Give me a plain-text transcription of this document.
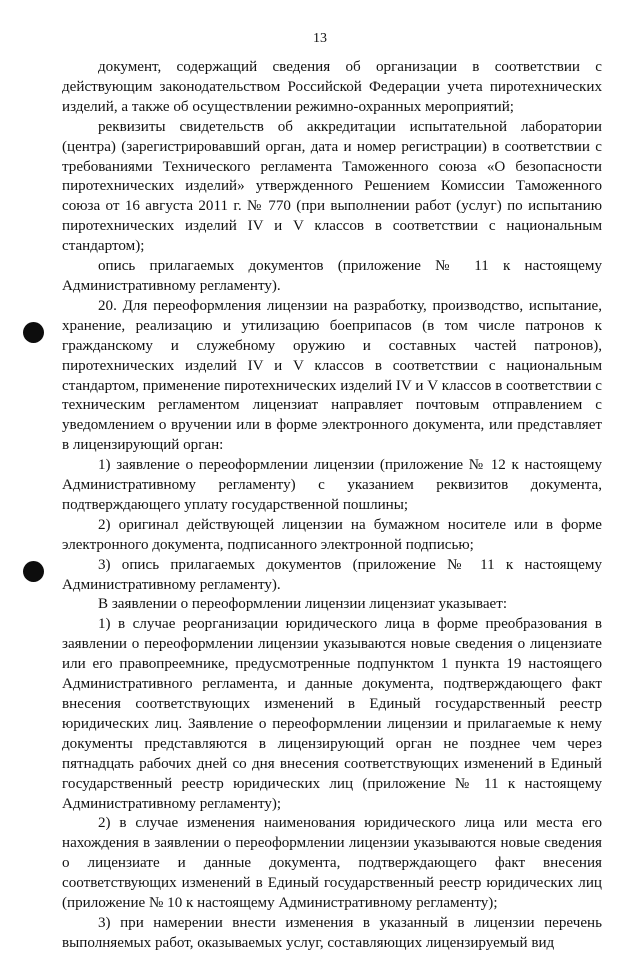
13

документ, содержащий сведения об организации в соответствии с действующим законодательством Российской Федерации учета пиротехнических изделий, а также об осуществлении режимно-охранных мероприятий;

реквизиты свидетельств об аккредитации испытательной лаборатории (центра) (зарегистрировавший орган, дата и номер регистрации) в соответствии с требованиями Технического регламента Таможенного союза «О безопасности пиротехнических изделий» утвержденного Решением Комиссии Таможенного союза от 16 августа 2011 г. № 770 (при выполнении работ (услуг) по испытанию пиротехнических изделий IV и V классов в соответствии с национальным стандартом);

опись прилагаемых документов (приложение № 11 к настоящему Административному регламенту).

20. Для переоформления лицензии на разработку, производство, испытание, хранение, реализацию и утилизацию боеприпасов (в том числе патронов к гражданскому и служебному оружию и составных частей патронов), пиротехнических изделий IV и V классов в соответствии с национальным стандартом, применение пиротехнических изделий IV и V классов в соответствии с техническим регламентом лицензиат направляет почтовым отправлением с уведомлением о вручении или в форме электронного документа, или представляет в лицензирующий орган:

1) заявление о переоформлении лицензии (приложение № 12 к настоящему Административному регламенту) с указанием реквизитов документа, подтверждающего уплату государственной пошлины;

2) оригинал действующей лицензии на бумажном носителе или в форме электронного документа, подписанного электронной подписью;

3) опись прилагаемых документов (приложение № 11 к настоящему Административному регламенту).

В заявлении о переоформлении лицензии лицензиат указывает:

1) в случае реорганизации юридического лица в форме преобразования в заявлении о переоформлении лицензии указываются новые сведения о лицензиате или его правопреемнике, предусмотренные подпунктом 1 пункта 19 настоящего Административного регламента, и данные документа, подтверждающего факт внесения соответствующих изменений в Единый государственный реестр юридических лиц. Заявление о переоформлении лицензии и прилагаемые к нему документы представляются в лицензирующий орган не позднее чем через пятнадцать рабочих дней со дня внесения соответствующих изменений в Единый государственный реестр юридических лиц (приложение № 11 к настоящему Административному регламенту);

2) в случае изменения наименования юридического лица или места его нахождения в заявлении о переоформлении лицензии указываются новые сведения о лицензиате и данные документа, подтверждающего факт внесения соответствующих изменений в Единый государственный реестр юридических лиц (приложение № 10 к настоящему Административному регламенту);

3) при намерении внести изменения в указанный в лицензии перечень выполняемых работ, оказываемых услуг, составляющих лицензируемый вид
